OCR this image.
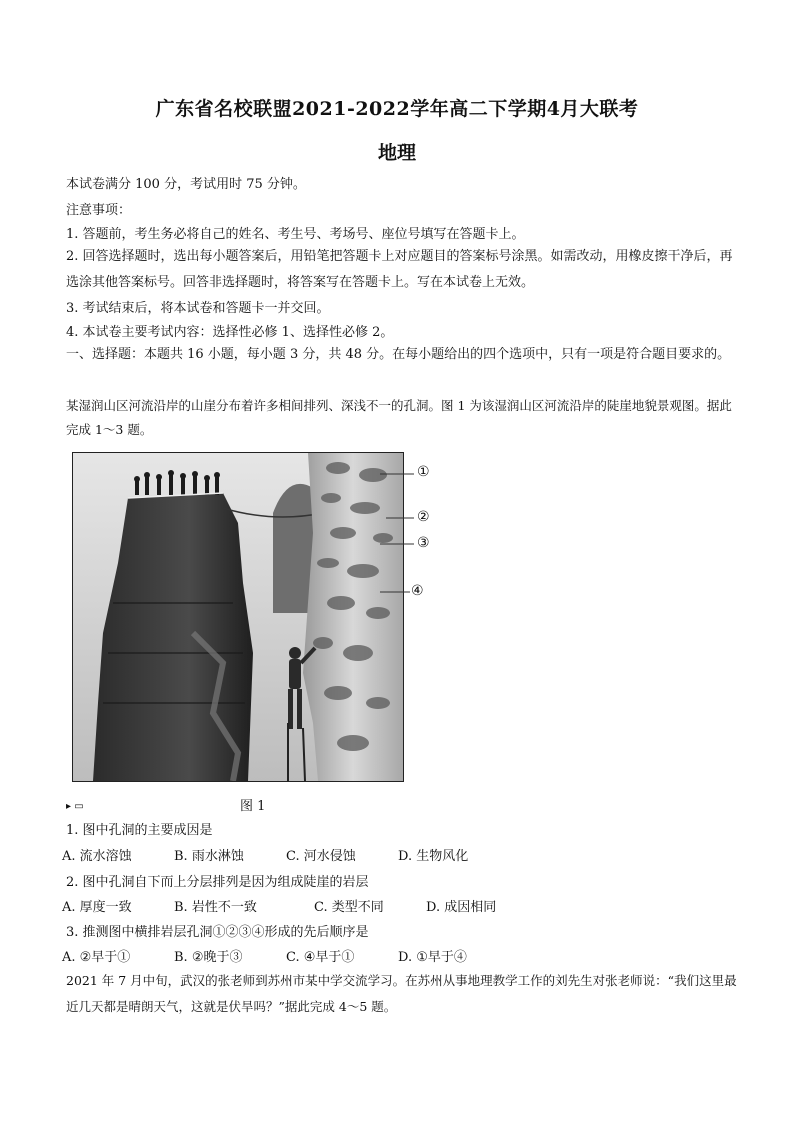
广东省名校联盟2021-2022学年高二下学期4月大联考
地理
本试卷满分 100 分，考试用时 75 分钟。
注意事项：
1. 答题前，考生务必将自己的姓名、考生号、考场号、座位号填写在答题卡上。
2. 回答选择题时，选出每小题答案后，用铅笔把答题卡上对应题目的答案标号涂黑。如需改动，用橡皮擦干净后，再选涂其他答案标号。回答非选择题时，将答案写在答题卡上。写在本试卷上无效。
3. 考试结束后，将本试卷和答题卡一并交回。
4. 本试卷主要考试内容：选择性必修 1、选择性必修 2。
一、选择题：本题共 16 小题，每小题 3 分，共 48 分。在每小题给出的四个选项中，只有一项是符合题目要求的。
某湿润山区河流沿岸的山崖分布着许多相间排列、深浅不一的孔洞。图 1 为该湿润山区河流沿岸的陡崖地貌景观图。据此完成 1～3 题。
①
②
③
④
▸ ▭	图 1
1. 图中孔洞的主要成因是
A. 流水溶蚀	B. 雨水淋蚀	C. 河水侵蚀	D. 生物风化
2. 图中孔洞自下而上分层排列是因为组成陡崖的岩层
A. 厚度一致	B. 岩性不一致	C. 类型不同	D. 成因相同
3. 推测图中横排岩层孔洞①②③④形成的先后顺序是
A. ②早于①	B. ②晚于③	C. ④早于①	D. ①早于④
2021 年 7 月中旬，武汉的张老师到苏州市某中学交流学习。在苏州从事地理教学工作的刘先生对张老师说：“我们这里最近几天都是晴朗天气，这就是伏旱吗？”据此完成 4～5 题。
